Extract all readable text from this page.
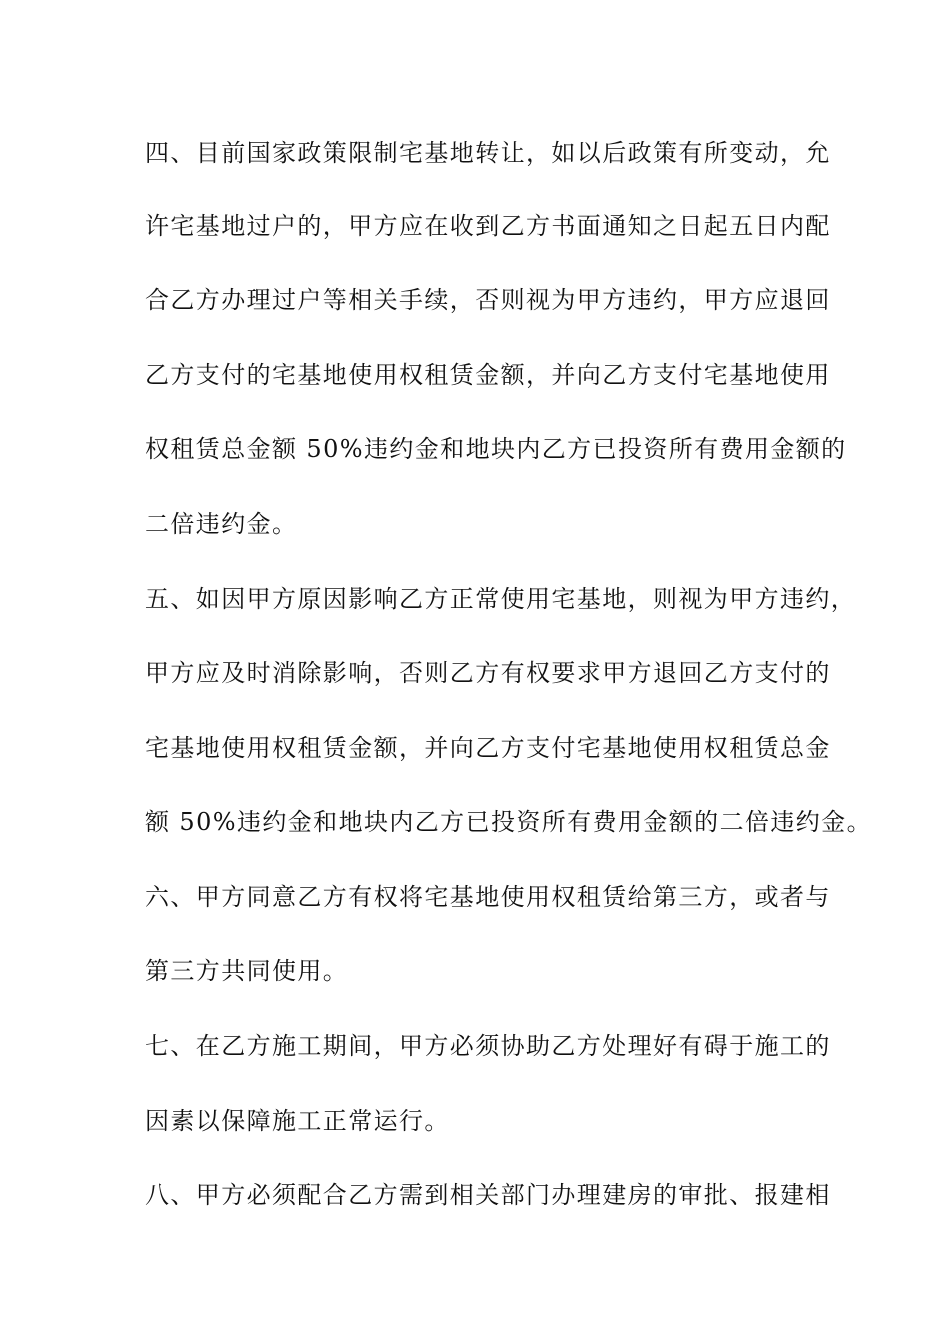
四、目前国家政策限制宅基地转让，如以后政策有所变动，允
许宅基地过户的，甲方应在收到乙方书面通知之日起五日内配
合乙方办理过户等相关手续，否则视为甲方违约，甲方应退回
乙方支付的宅基地使用权租赁金额，并向乙方支付宅基地使用
权租赁总金额 50%违约金和地块内乙方已投资所有费用金额的
二倍违约金。
五、如因甲方原因影响乙方正常使用宅基地，则视为甲方违约，
甲方应及时消除影响，否则乙方有权要求甲方退回乙方支付的
宅基地使用权租赁金额，并向乙方支付宅基地使用权租赁总金
额 50%违约金和地块内乙方已投资所有费用金额的二倍违约金。
六、甲方同意乙方有权将宅基地使用权租赁给第三方，或者与
第三方共同使用。
七、在乙方施工期间，甲方必须协助乙方处理好有碍于施工的
因素以保障施工正常运行。
八、甲方必须配合乙方需到相关部门办理建房的审批、报建相
